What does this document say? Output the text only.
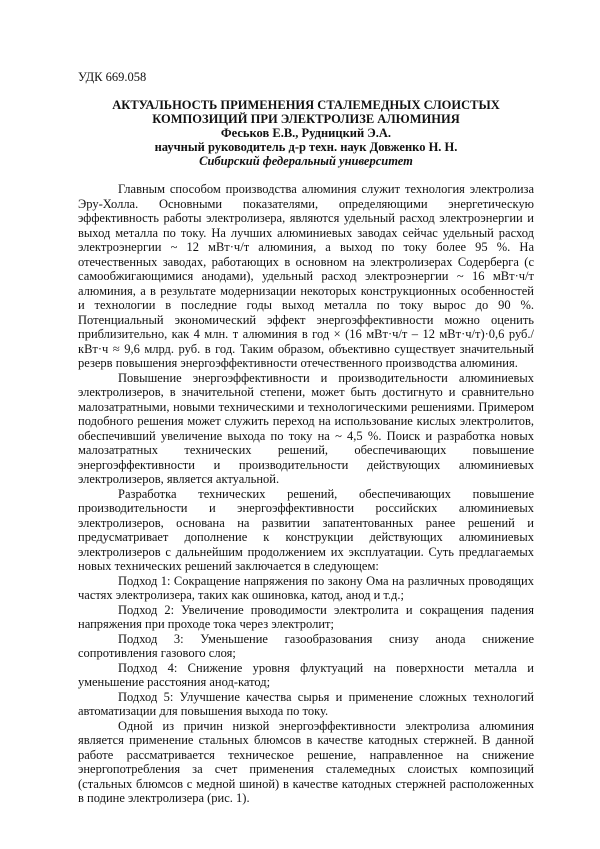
УДК 669.058
АКТУАЛЬНОСТЬ ПРИМЕНЕНИЯ СТАЛЕМЕДНЫХ СЛОИСТЫХ
КОМПОЗИЦИЙ ПРИ ЭЛЕКТРОЛИЗЕ АЛЮМИНИЯ
Феськов Е.В., Рудницкий Э.А.
научный руководитель д-р техн. наук Довженко Н. Н.
Сибирский федеральный университет

Главным способом производства алюминия служит технология электролиза Эру-Холла. Основными показателями, определяющими энергетическую эффективность работы электролизера, являются удельный расход электроэнергии и выход металла по току. На лучших алюминиевых заводах сейчас удельный расход электроэнергии ~ 12 мВт·ч/т алюминия, а выход по току более 95 %. На отечественных заводах, работающих в основном на электролизерах Содерберга (с самообжигающимися анодами), удельный расход электроэнергии ~ 16 мВт·ч/т алюминия, а в результате модернизации некоторых конструкционных особенностей и технологии в последние годы выход металла по току вырос до 90 %. Потенциальный экономический эффект энергоэффективности можно оценить приблизительно, как 4 млн. т алюминия в год × (16 мВт·ч/т – 12 мВт·ч/т)·0,6 руб./кВт·ч ≈ 9,6 млрд. руб. в год. Таким образом, объективно существует значительный резерв повышения энергоэффективности отечественного производства алюминия.

Повышение энергоэффективности и производительности алюминиевых электролизеров, в значительной степени, может быть достигнуто и сравнительно малозатратными, новыми техническими и технологическими решениями. Примером подобного решения может служить переход на использование кислых электролитов, обеспечивший увеличение выхода по току на ~ 4,5 %. Поиск и разработка новых малозатратных технических решений, обеспечивающих повышение энергоэффективности и производительности действующих алюминиевых электролизеров, является актуальной.

Разработка технических решений, обеспечивающих повышение производительности и энергоэффективности российских алюминиевых электролизеров, основана на развитии запатентованных ранее решений и предусматривает дополнение к конструкции действующих алюминиевых электролизеров с дальнейшим продолжением их эксплуатации. Суть предлагаемых новых технических решений заключается в следующем:

Подход 1: Сокращение напряжения по закону Ома на различных проводящих частях электролизера, таких как ошиновка, катод, анод и т.д.;

Подход 2: Увеличение проводимости электролита и сокращения падения напряжения при проходе тока через электролит;

Подход 3: Уменьшение газообразования снизу анода снижение сопротивления газового слоя;

Подход 4: Снижение уровня флуктуаций на поверхности металла и уменьшение расстояния анод-катод;

Подход 5: Улучшение качества сырья и применение сложных технологий автоматизации для повышения выхода по току.

Одной из причин низкой энергоэффективности электролиза алюминия является применение стальных блюмсов в качестве катодных стержней. В данной работе рассматривается техническое решение, направленное на снижение энергопотребления за счет применения сталемедных слоистых композиций (стальных блюмсов с медной шиной) в качестве катодных стержней расположенных в подине электролизера (рис. 1).
